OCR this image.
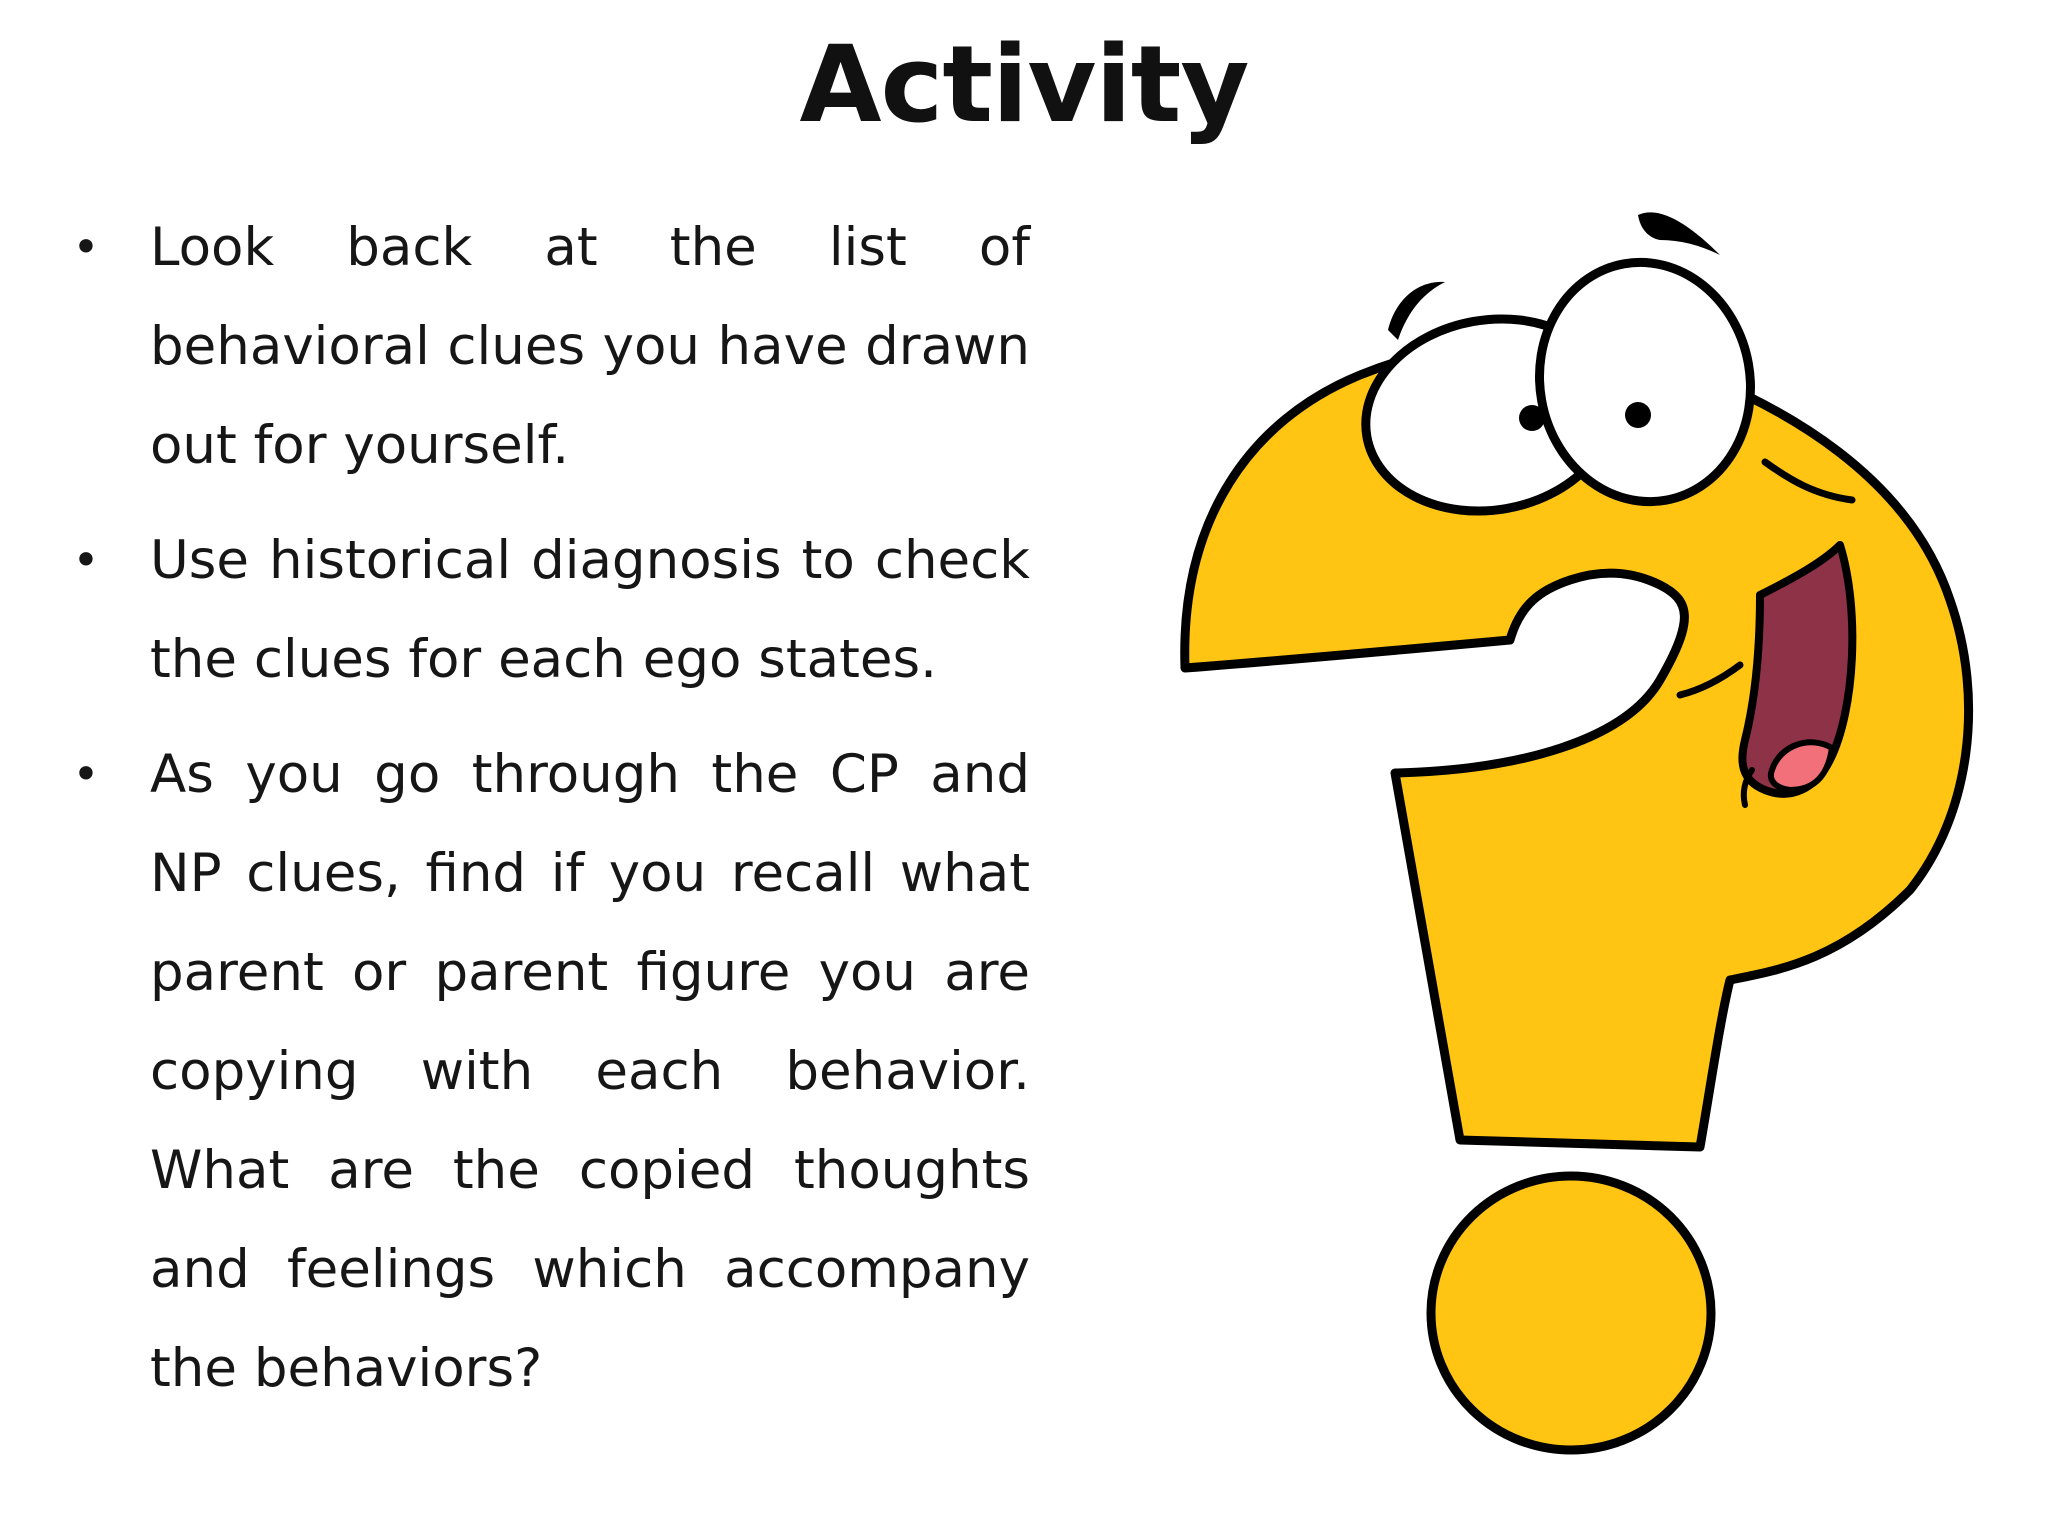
Activity
• Look back at the list of behavioral clues you have drawn out for yourself.
• Use historical diagnosis to check the clues for each ego states.
• As you go through the CP and NP clues, find if you recall what parent or parent figure you are copying with each behavior. What are the copied thoughts and feelings which accompany the behaviors?
